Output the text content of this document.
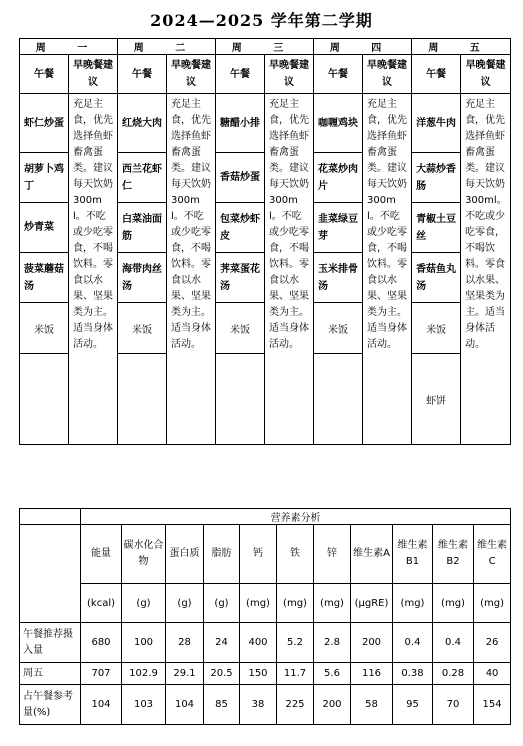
2024—2025 学年第二学期
周 一		周 二		周 三		周 四		周 五	
午餐	早晚餐建议	午餐	早晚餐建议	午餐	早晚餐建议	午餐	早晚餐建议	午餐	早晚餐建议
虾仁炒蛋	充足主食，优先选择鱼虾畜禽蛋类。建议每天饮奶300ml。不吃或少吃零食，不喝饮料。零食以水果、坚果类为主。适当身体活动。	红烧大肉	充足主食，优先选择鱼虾畜禽蛋类。建议每天饮奶300ml。不吃或少吃零食，不喝饮料。零食以水果、坚果类为主。适当身体活动。	糖醋小排	充足主食，优先选择鱼虾畜禽蛋类。建议每天饮奶300ml。不吃或少吃零食，不喝饮料。零食以水果、坚果类为主。适当身体活动。	咖喱鸡块	充足主食，优先选择鱼虾畜禽蛋类。建议每天饮奶300ml。不吃或少吃零食，不喝饮料。零食以水果、坚果类为主。适当身体活动。	洋葱牛肉	充足主食，优先选择鱼虾畜禽蛋类。建议每天饮奶300ml。不吃或少吃零食，不喝饮料。零食以水果、坚果类为主。适当身体活动。
胡萝卜鸡丁		西兰花虾仁		香菇炒蛋		花菜炒肉片		大蒜炒香肠	
炒青菜		白菜油面筋		包菜炒虾皮		韭菜绿豆芽		青椒土豆丝	
菠菜蘑菇汤		海带肉丝汤		荠菜蛋花汤		玉米排骨汤		香菇鱼丸汤	
米饭		米饭		米饭		米饭		米饭	
								虾饼	
	营养素分析										
	能量	碳水化合物	蛋白质	脂肪	钙	铁	锌	维生素A	维生素B1	维生素B2	维生素C
	(kcal)	(g)	(g)	(g)	(mg)	(mg)	(mg)	(μgRE)	(mg)	(mg)	(mg)
午餐推荐摄入量	680	100	28	24	400	5.2	2.8	200	0.4	0.4	26
周五	707	102.9	29.1	20.5	150	11.7	5.6	116	0.38	0.28	40
占午餐参考量(%)	104	103	104	85	38	225	200	58	95	70	154
